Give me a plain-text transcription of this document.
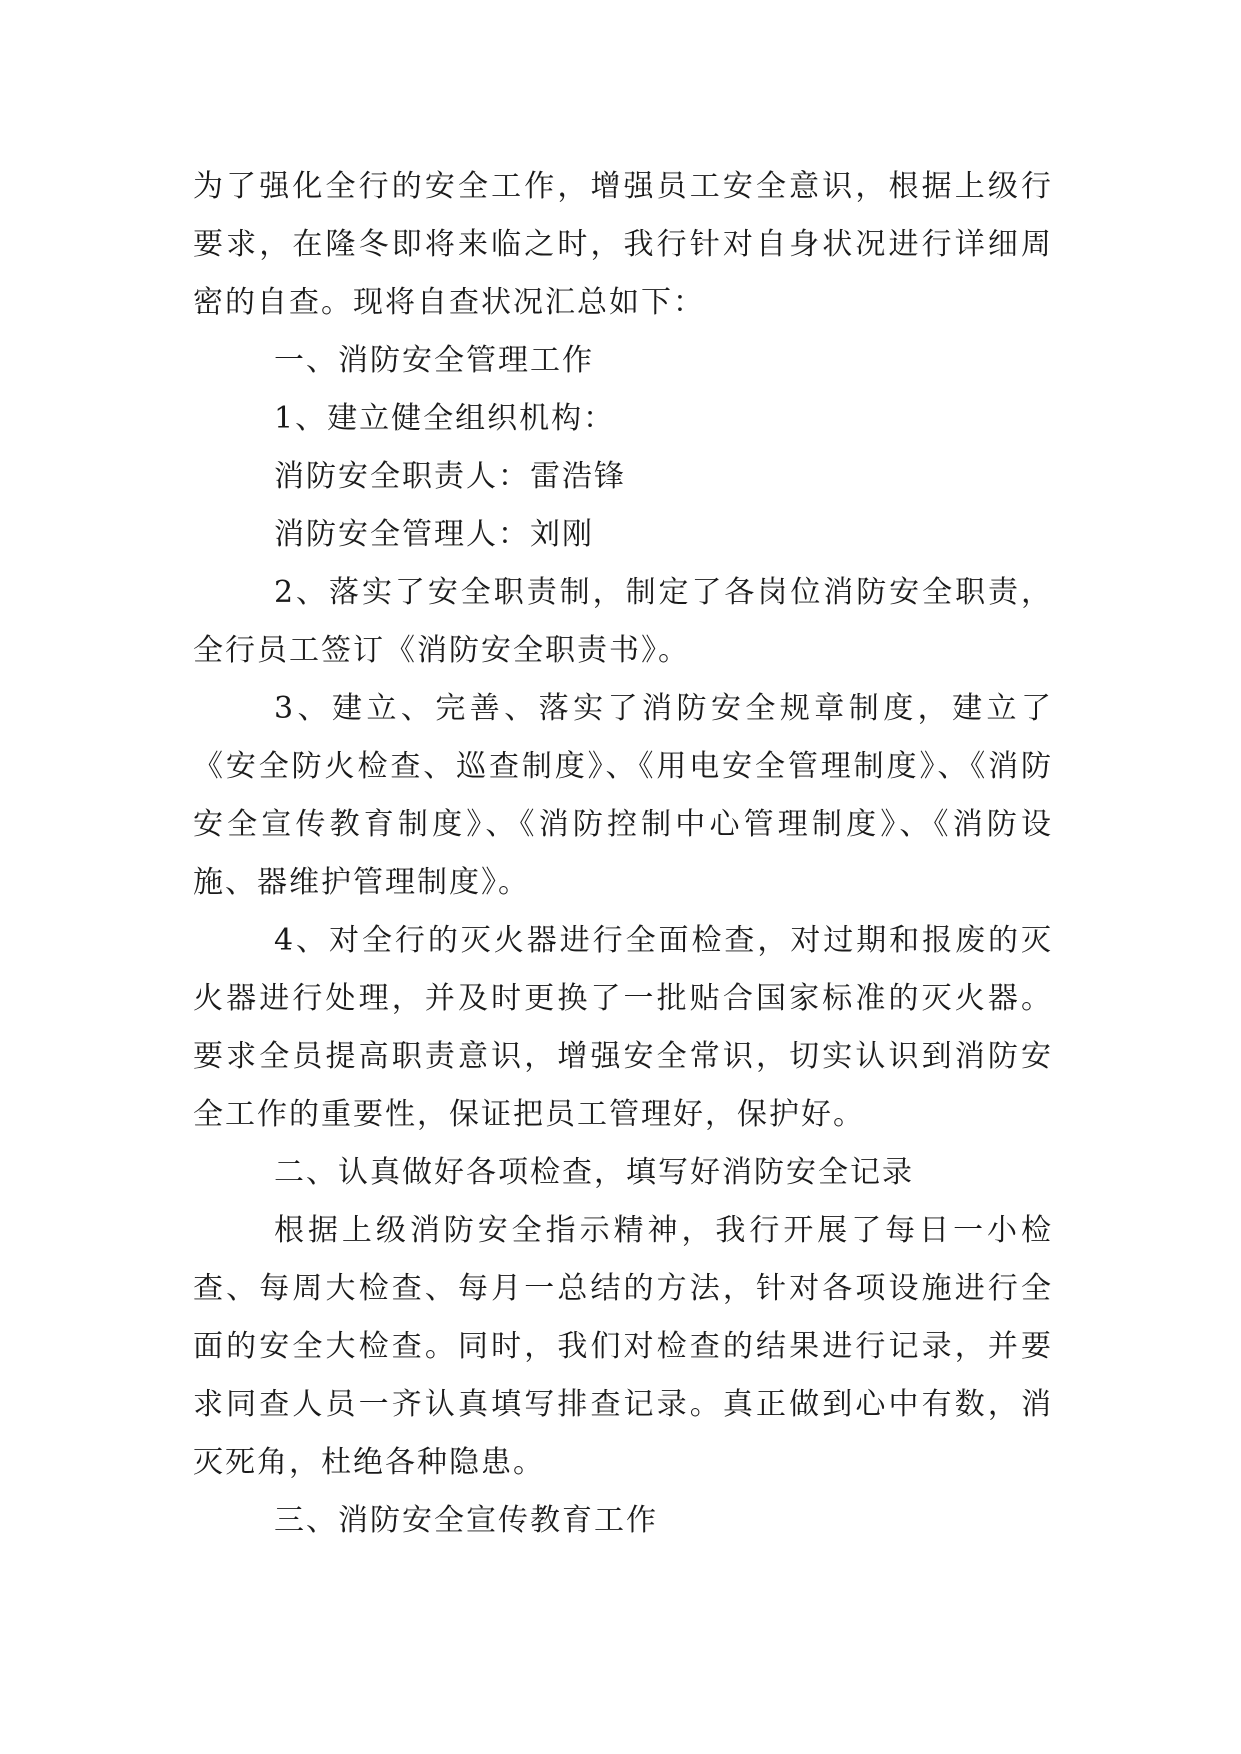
为了强化全行的安全工作，增强员工安全意识，根据上级行要求，在隆冬即将来临之时，我行针对自身状况进行详细周密的自查。现将自查状况汇总如下：

一、消防安全管理工作

1、建立健全组织机构：

消防安全职责人：雷浩锋

消防安全管理人：刘刚

2、落实了安全职责制，制定了各岗位消防安全职责，全行员工签订《消防安全职责书》。

3、建立、完善、落实了消防安全规章制度，建立了《安全防火检查、巡查制度》、《用电安全管理制度》、《消防安全宣传教育制度》、《消防控制中心管理制度》、《消防设施、器维护管理制度》。

4、对全行的灭火器进行全面检查，对过期和报废的灭火器进行处理，并及时更换了一批贴合国家标准的灭火器。要求全员提高职责意识，增强安全常识，切实认识到消防安全工作的重要性，保证把员工管理好，保护好。

二、认真做好各项检查，填写好消防安全记录

根据上级消防安全指示精神，我行开展了每日一小检查、每周大检查、每月一总结的方法，针对各项设施进行全面的安全大检查。同时，我们对检查的结果进行记录，并要求同查人员一齐认真填写排查记录。真正做到心中有数，消灭死角，杜绝各种隐患。

三、消防安全宣传教育工作
